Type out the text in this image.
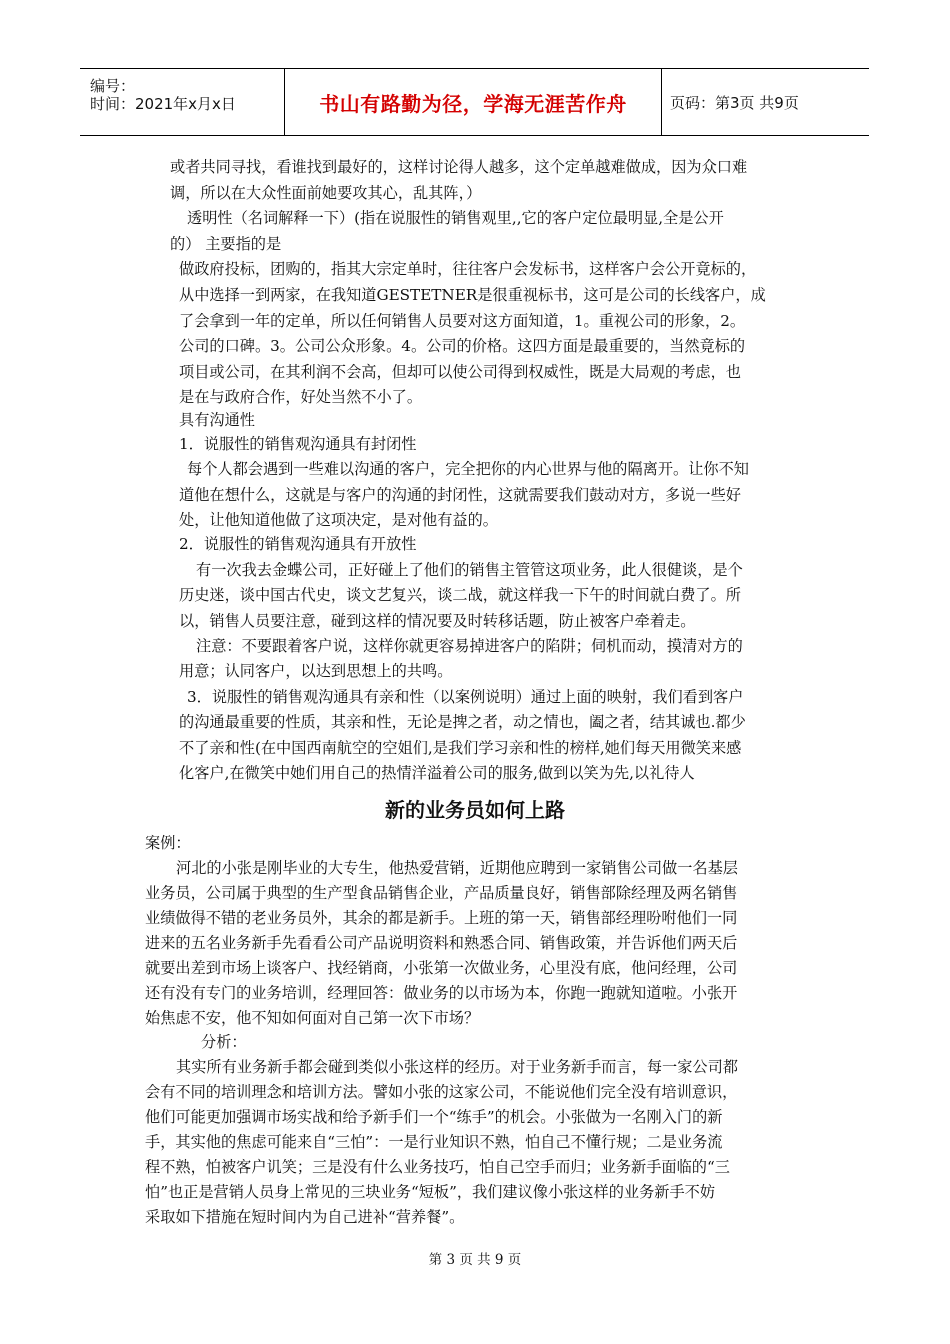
编号：
时间：2021年x月x日	书山有路勤为径，学海无涯苦作舟	页码：第3页 共9页

或者共同寻找，看谁找到最好的，这样讨论得人越多，这个定单越难做成，因为众口难

调，所以在大众性面前她要攻其心，乱其阵，）

透明性（名词解释一下）(指在说服性的销售观里,,它的客户定位最明显,全是公开

的） 主要指的是

做政府投标，团购的，指其大宗定单时，往往客户会发标书，这样客户会公开竟标的，

从中选择一到两家，在我知道GESTETNER是很重视标书，这可是公司的长线客户，成

了会拿到一年的定单，所以任何销售人员要对这方面知道，1。重视公司的形象，2。

公司的口碑。3。公司公众形象。4。公司的价格。这四方面是最重要的，当然竟标的

项目或公司，在其利润不会高，但却可以使公司得到权威性，既是大局观的考虑，也

是在与政府合作，好处当然不小了。

具有沟通性

1．说服性的销售观沟通具有封闭性

每个人都会遇到一些难以沟通的客户，完全把你的内心世界与他的隔离开。让你不知

道他在想什么，这就是与客户的沟通的封闭性，这就需要我们鼓动对方，多说一些好

处，让他知道他做了这项决定，是对他有益的。

2．说服性的销售观沟通具有开放性

有一次我去金蝶公司，正好碰上了他们的销售主管管这项业务，此人很健谈，是个

历史迷，谈中国古代史，谈文艺复兴，谈二战，就这样我一下午的时间就白费了。所

以，销售人员要注意，碰到这样的情况要及时转移话题，防止被客户牵着走。

注意：不要跟着客户说，这样你就更容易掉进客户的陷阱；伺机而动，摸清对方的

用意；认同客户，以达到思想上的共鸣。

3．说服性的销售观沟通具有亲和性（以案例说明）通过上面的映射，我们看到客户

的沟通最重要的性质，其亲和性，无论是捭之者，动之情也，阖之者，结其诚也.都少

不了亲和性(在中国西南航空的空姐们,是我们学习亲和性的榜样,她们每天用微笑来感

化客户,在微笑中她们用自己的热情洋溢着公司的服务,做到以笑为先,以礼待人

案例：

河北的小张是刚毕业的大专生，他热爱营销，近期他应聘到一家销售公司做一名基层

业务员，公司属于典型的生产型食品销售企业，产品质量良好，销售部除经理及两名销售

业绩做得不错的老业务员外，其余的都是新手。上班的第一天，销售部经理吩咐他们一同

进来的五名业务新手先看看公司产品说明资料和熟悉合同、销售政策，并告诉他们两天后

就要出差到市场上谈客户、找经销商，小张第一次做业务，心里没有底，他问经理，公司

还有没有专门的业务培训，经理回答：做业务的以市场为本，你跑一跑就知道啦。小张开

始焦虑不安，他不知如何面对自己第一次下市场？

分析：

其实所有业务新手都会碰到类似小张这样的经历。对于业务新手而言，每一家公司都

会有不同的培训理念和培训方法。譬如小张的这家公司，不能说他们完全没有培训意识，

他们可能更加强调市场实战和给予新手们一个“练手”的机会。小张做为一名刚入门的新

手，其实他的焦虑可能来自“三怕”：一是行业知识不熟，怕自己不懂行规；二是业务流

程不熟，怕被客户讥笑；三是没有什么业务技巧，怕自己空手而归；业务新手面临的“三

怕”也正是营销人员身上常见的三块业务“短板”，我们建议像小张这样的业务新手不妨

采取如下措施在短时间内为自己进补“营养餐”。

新的业务员如何上路
第 3 页 共 9 页
